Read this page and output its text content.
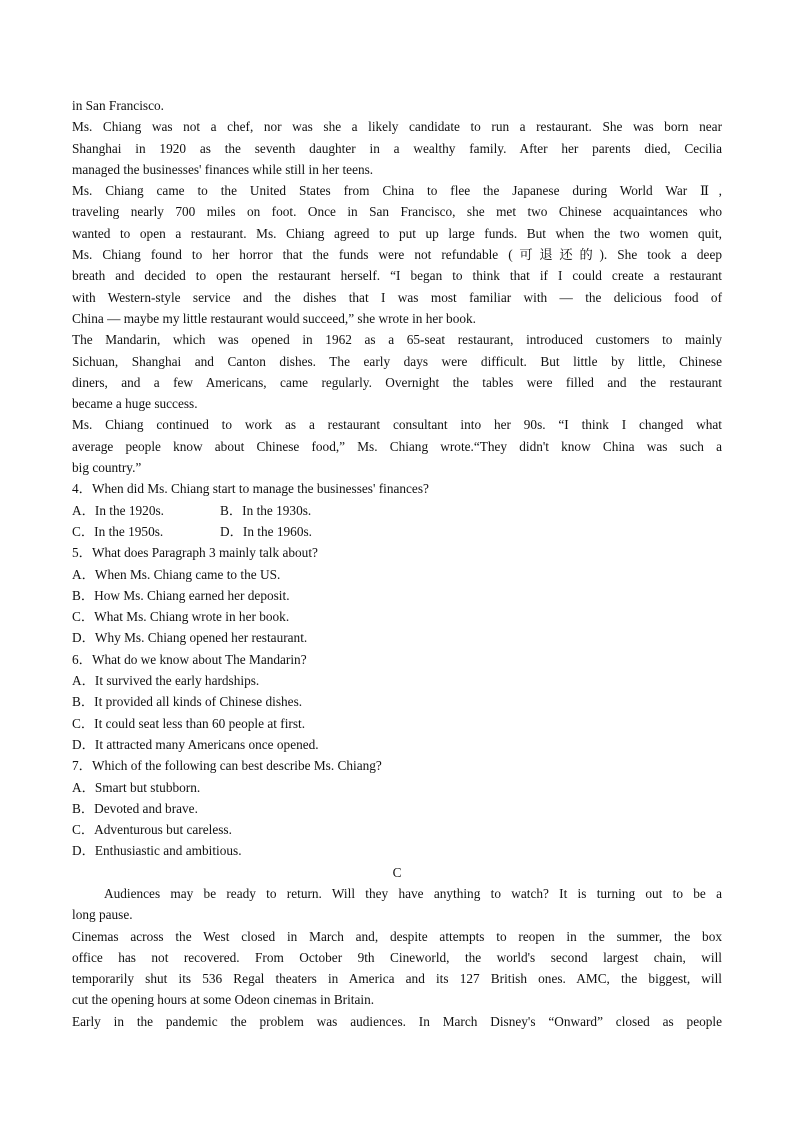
in San Francisco.
Ms. Chiang was not a chef, nor was she a likely candidate to run a restaurant. She was born near
Shanghai in 1920 as the seventh daughter in a wealthy family. After her parents died, Cecilia
managed the businesses' finances while still in her teens.
Ms. Chiang came to the United States from China to flee the Japanese during World War Ⅱ,
traveling nearly 700 miles on foot. Once in San Francisco, she met two Chinese acquaintances who
wanted to open a restaurant. Ms. Chiang agreed to put up large funds. But when the two women quit,
Ms. Chiang found to her horror that the funds were not refundable (可退还的). She took a deep
breath and decided to open the restaurant herself. “I began to think that if I could create a restaurant
with Western-style service and the dishes that I was most familiar with — the delicious food of
China — maybe my little restaurant would succeed,” she wrote in her book.
The Mandarin, which was opened in 1962 as a 65-seat restaurant, introduced customers to mainly
Sichuan, Shanghai and Canton dishes. The early days were difficult. But little by little, Chinese
diners, and a few Americans, came regularly. Overnight the tables were filled and the restaurant
became a huge success.
Ms. Chiang continued to work as a restaurant consultant into her 90s. “I think I changed what
average people know about Chinese food,” Ms. Chiang wrote.“They didn't know China was such a
big country.”
4．When did Ms. Chiang start to manage the businesses' finances?
A．In the 1920s.	B．In the 1930s.
C．In the 1950s.	D．In the 1960s.
5．What does Paragraph 3 mainly talk about?
A．When Ms. Chiang came to the US.
B．How Ms. Chiang earned her deposit.
C．What Ms. Chiang wrote in her book.
D．Why Ms. Chiang opened her restaurant.
6．What do we know about The Mandarin?
A．It survived the early hardships.
B．It provided all kinds of Chinese dishes.
C．It could seat less than 60 people at first.
D．It attracted many Americans once opened.
7．Which of the following can best describe Ms. Chiang?
A．Smart but stubborn.
B．Devoted and brave.
C．Adventurous but careless.
D．Enthusiastic and ambitious.
C
Audiences may be ready to return. Will they have anything to watch? It is turning out to be a
long pause.
Cinemas across the West closed in March and, despite attempts to reopen in the summer, the box
office has not recovered. From October 9th Cineworld, the world's second largest chain, will
temporarily shut its 536 Regal theaters in America and its 127 British ones. AMC, the biggest, will
cut the opening hours at some Odeon cinemas in Britain.
Early in the pandemic the problem was audiences. In March Disney's “Onward” closed as people
